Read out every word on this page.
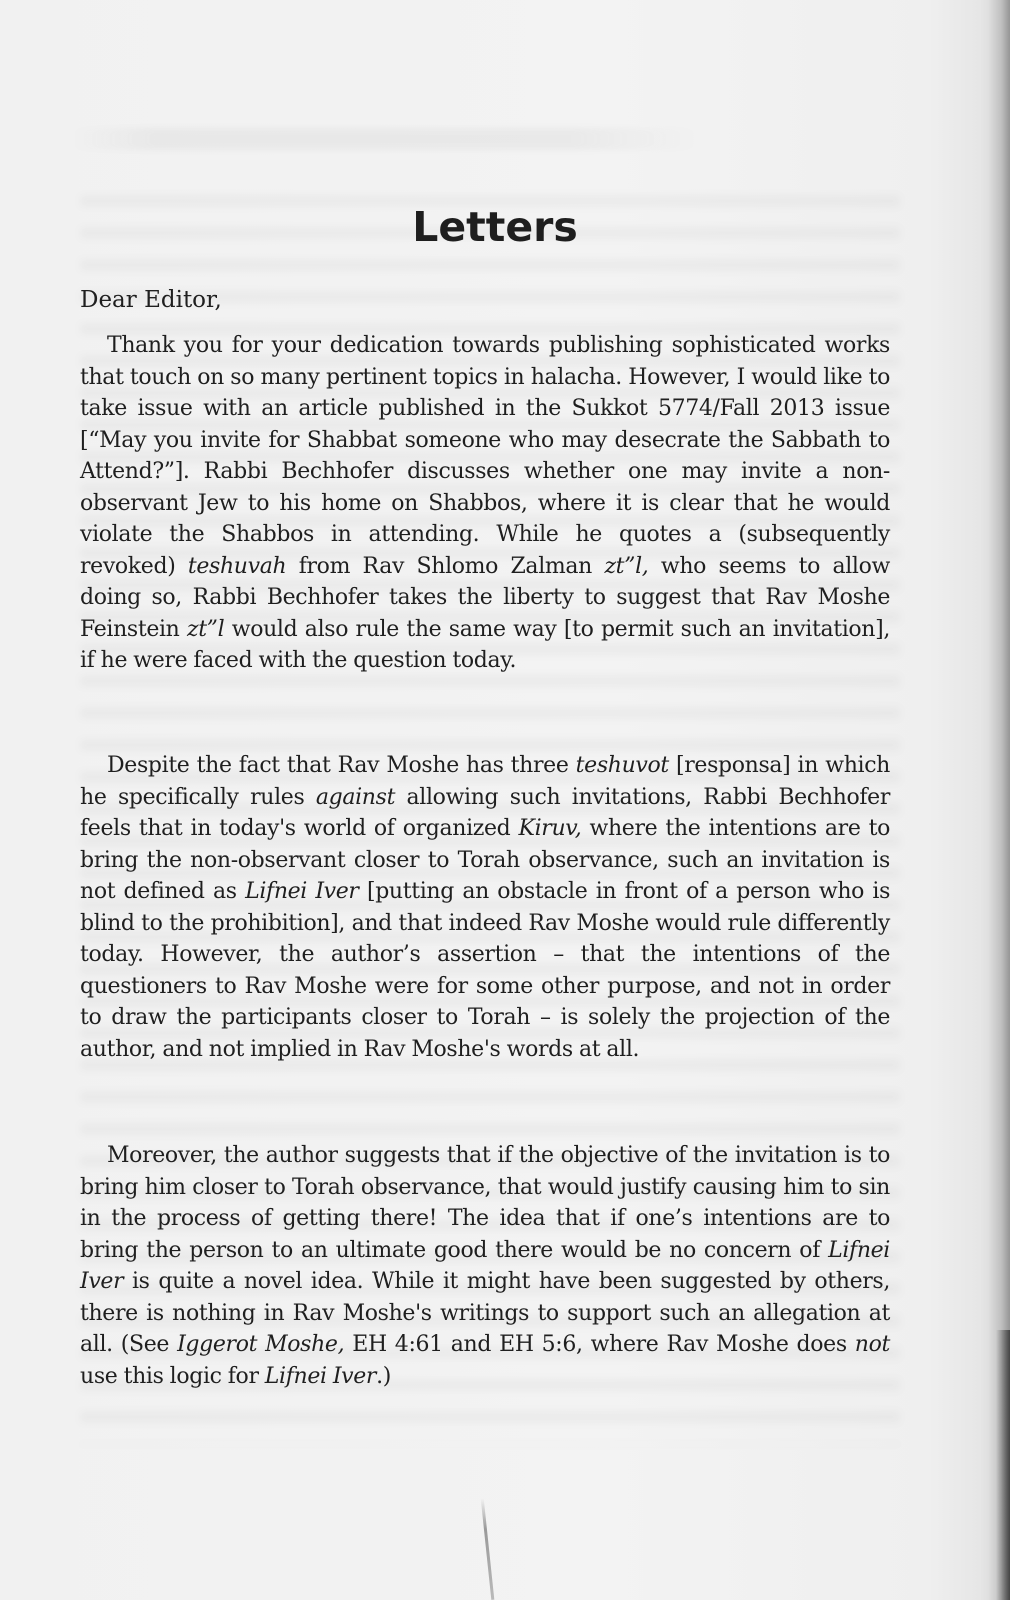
Letters

Dear Editor,

Thank you for your dedication towards publishing sophisticated works that touch on so many pertinent topics in halacha. However, I would like to take issue with an article published in the Sukkot 5774/Fall 2013 issue [“May you invite for Shabbat someone who may desecrate the Sabbath to Attend?”]. Rabbi Bechhofer discusses whether one may invite a non-observant Jew to his home on Shabbos, where it is clear that he would violate the Shabbos in attending. While he quotes a (subsequently revoked) teshuvah from Rav Shlomo Zalman zt”l, who seems to allow doing so, Rabbi Bechhofer takes the liberty to suggest that Rav Moshe Feinstein zt”l would also rule the same way [to permit such an invitation], if he were faced with the question today.

Despite the fact that Rav Moshe has three teshuvot [responsa] in which he specifically rules against allowing such invitations, Rabbi Bechhofer feels that in today's world of organized Kiruv, where the intentions are to bring the non-observant closer to Torah observance, such an invitation is not defined as Lifnei Iver [putting an obstacle in front of a person who is blind to the prohibition], and that indeed Rav Moshe would rule differently today. However, the author’s assertion – that the intentions of the questioners to Rav Moshe were for some other purpose, and not in order to draw the participants closer to Torah – is solely the projection of the author, and not implied in Rav Moshe's words at all.

Moreover, the author suggests that if the objective of the invitation is to bring him closer to Torah observance, that would justify causing him to sin in the process of getting there! The idea that if one’s intentions are to bring the person to an ultimate good there would be no concern of Lifnei Iver is quite a novel idea. While it might have been suggested by others, there is nothing in Rav Moshe's writings to support such an allegation at all. (See Iggerot Moshe, EH 4:61 and EH 5:6, where Rav Moshe does not use this logic for Lifnei Iver.)
